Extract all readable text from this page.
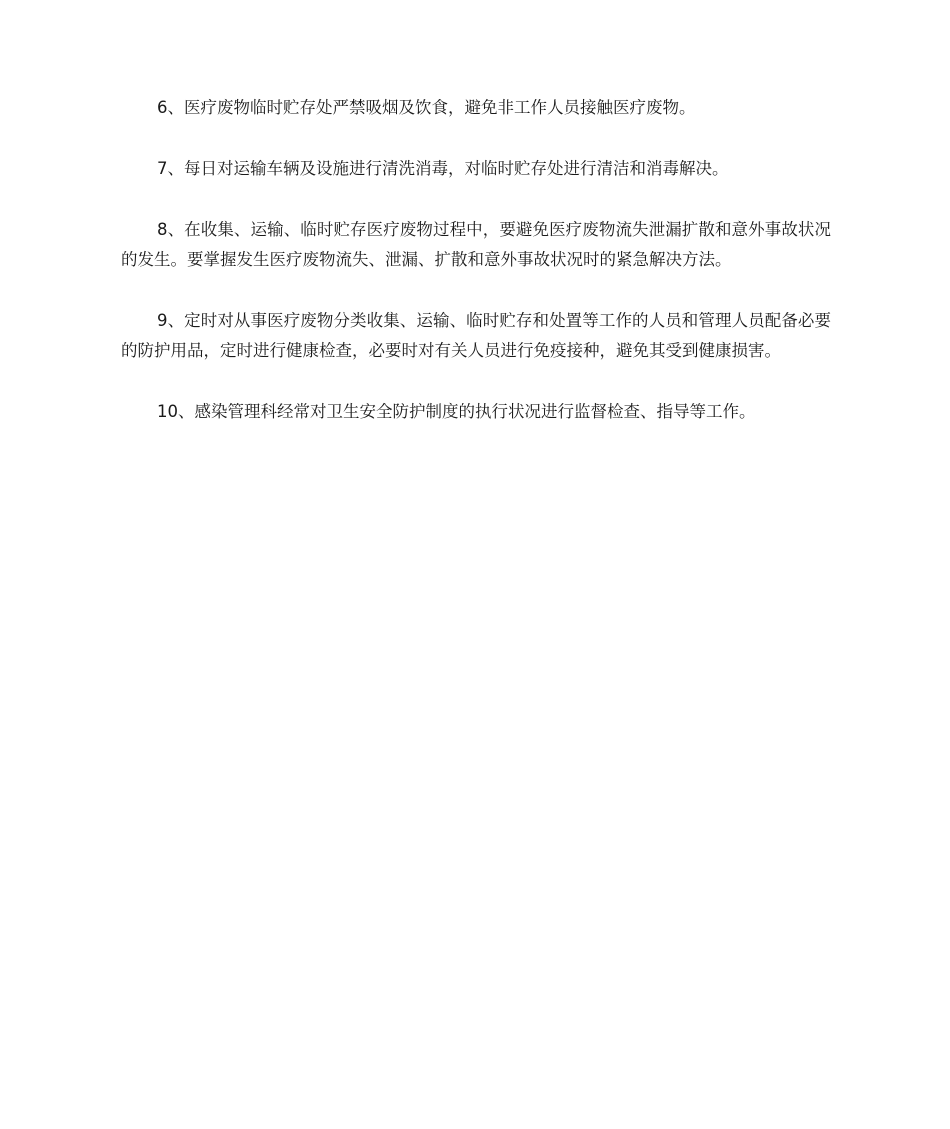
6、医疗废物临时贮存处严禁吸烟及饮食，避免非工作人员接触医疗废物。

7、每日对运输车辆及设施进行清洗消毒，对临时贮存处进行清洁和消毒解决。

8、在收集、运输、临时贮存医疗废物过程中，要避免医疗废物流失泄漏扩散和意外事故状况的发生。要掌握发生医疗废物流失、泄漏、扩散和意外事故状况时的紧急解决方法。

9、定时对从事医疗废物分类收集、运输、临时贮存和处置等工作的人员和管理人员配备必要的防护用品，定时进行健康检查，必要时对有关人员进行免疫接种，避免其受到健康损害。

10、感染管理科经常对卫生安全防护制度的执行状况进行监督检查、指导等工作。
